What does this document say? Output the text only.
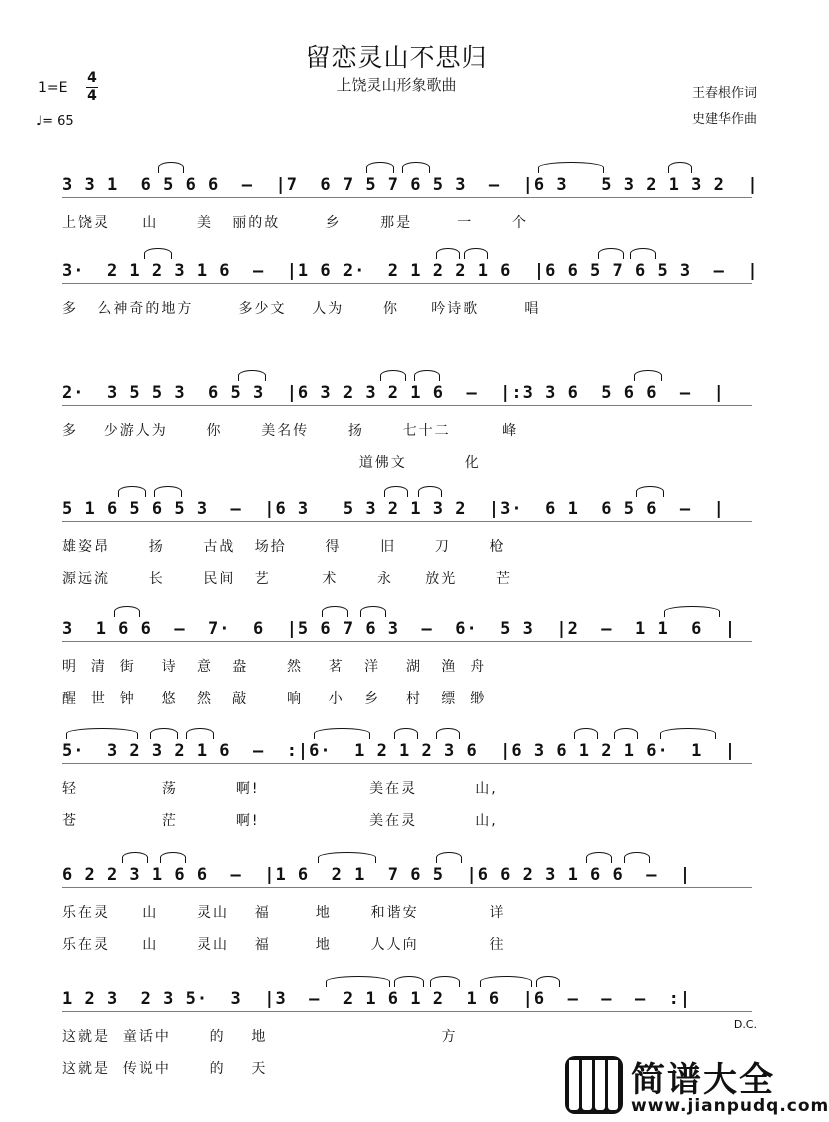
留恋灵山不思归
上饶灵山形象歌曲
1=E
4
4
♩= 65
王春根作词
史建华作曲
3 3 1  6 5 6 6  –  |7  6 7 5 7 6 5 3  –  |6 3   5 3 2 1 3 2  |
上饶灵     山      美   丽的故       乡      那是       一      个
3·  2 1 2 3 1 6  –  |1 6 2·  2 1 2 2 1 6  |6 6 5 7 6 5 3  –  |
多   么神奇的地方       多少文    人为      你     吟诗歌       唱
2·  3 5 5 3  6 5 3  |6 3 2 3 2 1 6  –  |:3 3 6  5 6 6  –  |
多    少游人为      你      美名传      扬      七十二        峰
道佛文         化
5 1 6 5 6 5 3  –  |6 3   5 3 2 1 3 2  |3·  6 1  6 5 6  –  |
雄姿昂      扬      古战   场拾      得      旧      刀      枪
源远流      长      民间   艺        术      永     放光      芒
3  1 6 6  –  7·  6  |5 6 7 6 3  –  6·  5 3  |2  –  1 1  6  |
明  清  街    诗   意   盎      然    茗   洋    湖   渔  舟
醒  世  钟    悠   然   敲      响    小   乡    村   缥  缈
5·  3 2 3 2 1 6  –  :|6·  1 2 1 2 3 6  |6 3 6 1 2 1 6·  1  |
轻             荡         啊!                 美在灵         山,
苍             茫         啊!                 美在灵         山,
6 2 2 3 1 6 6  –  |1 6  2 1  7 6 5  |6 6 2 3 1 6 6  –  |
乐在灵     山      灵山    福       地      和谐安           详
乐在灵     山      灵山    福       地      人人向           往
1 2 3  2 3 5·  3  |3  –  2 1 6 1 2  1 6  |6  –  –  –  :|
这就是  童话中      的    地                           方
这就是  传说中      的    天
D.C.
简谱大全
www.jianpudq.com
